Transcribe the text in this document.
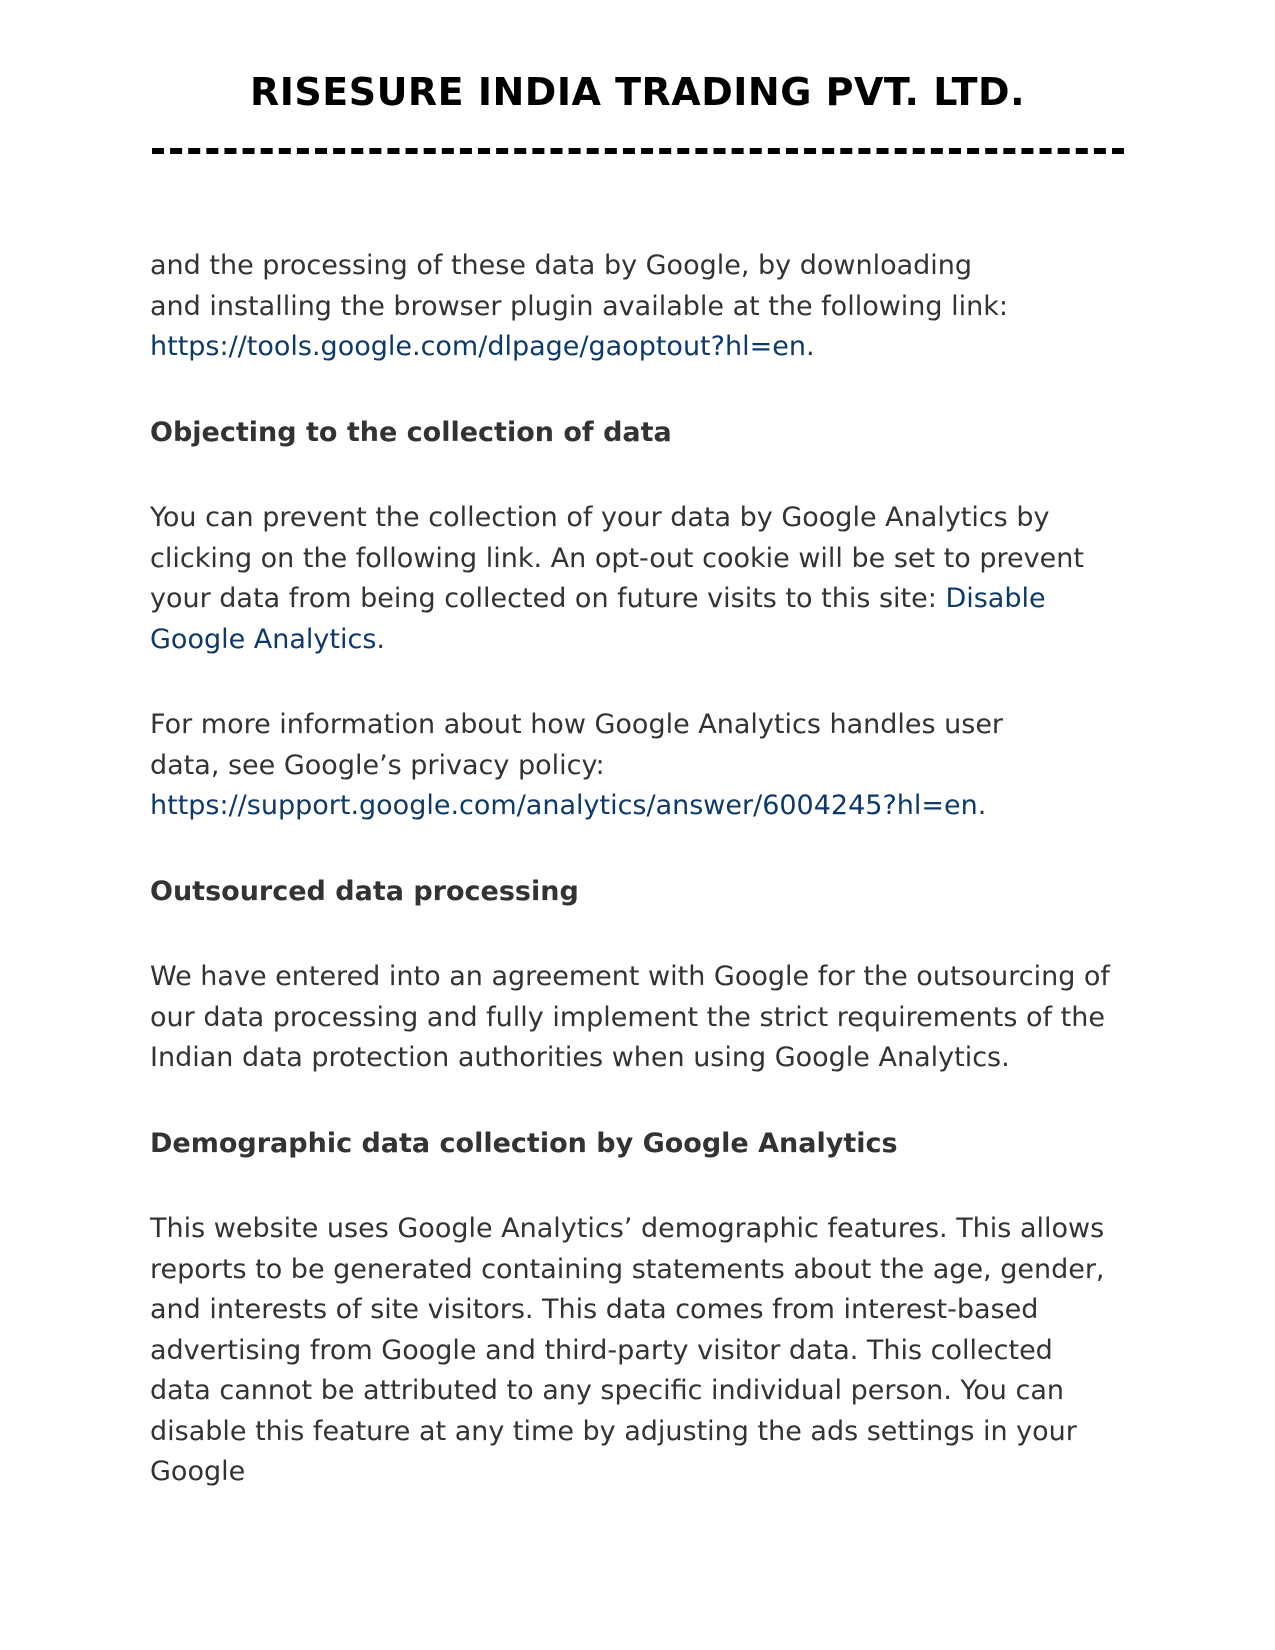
RISESURE INDIA TRADING PVT. LTD.

and the processing of these data by Google, by downloading
and installing the browser plugin available at the following link:
https://tools.google.com/dlpage/gaoptout?hl=en.

Objecting to the collection of data

You can prevent the collection of your data by Google Analytics by clicking on the following link. An opt-out cookie will be set to prevent your data from being collected on future visits to this site: Disable Google Analytics.

For more information about how Google Analytics handles user
data, see Google’s privacy policy:
https://support.google.com/analytics/answer/6004245?hl=en.

Outsourced data processing

We have entered into an agreement with Google for the outsourcing of our data processing and fully implement the strict requirements of the Indian data protection authorities when using Google Analytics.

Demographic data collection by Google Analytics

This website uses Google Analytics’ demographic features. This allows reports to be generated containing statements about the age, gender, and interests of site visitors. This data comes from interest-based advertising from Google and third-party visitor data. This collected data cannot be attributed to any specific individual person. You can disable this feature at any time by adjusting the ads settings in your Google
